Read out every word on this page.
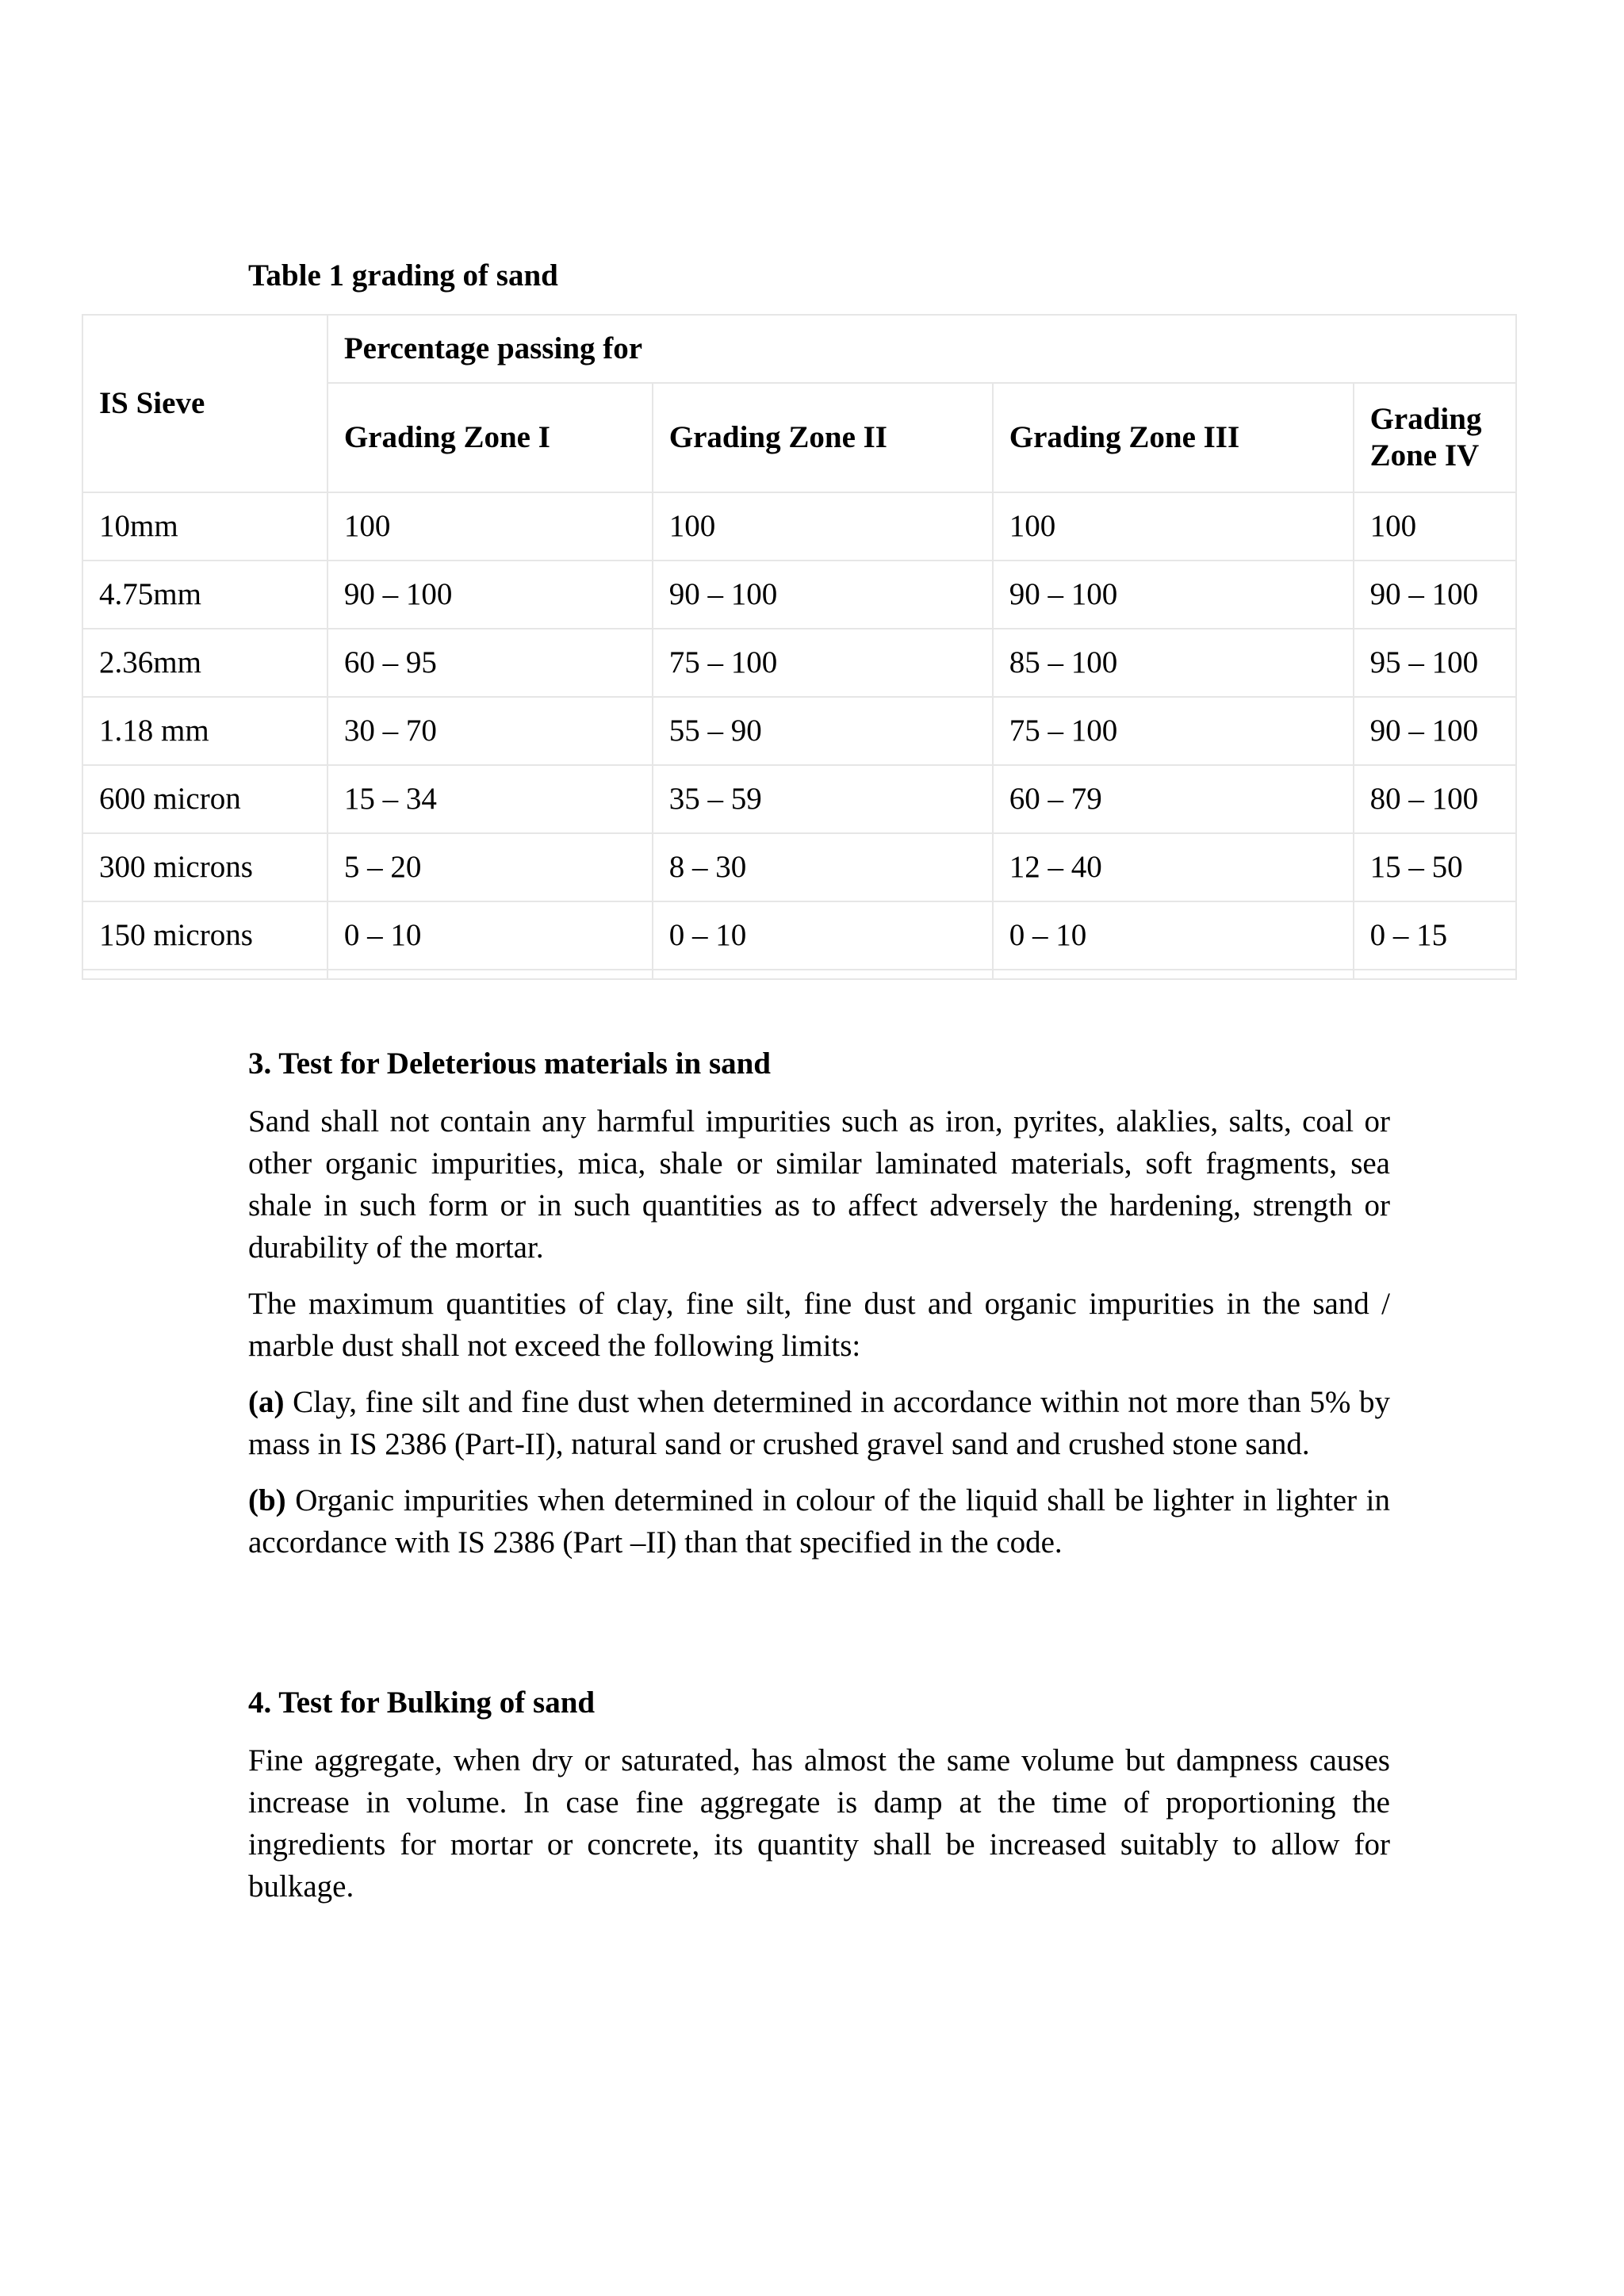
Table 1 grading of sand

IS Sieve	Percentage passing for			
	Grading Zone I	Grading Zone II	Grading Zone III	Grading Zone IV
10mm	100	100	100	100
4.75mm	90 – 100	90 – 100	90 – 100	90 – 100
2.36mm	60 – 95	75 – 100	85 – 100	95 – 100
1.18 mm	30 – 70	55 – 90	75 – 100	90 – 100
600 micron	15 – 34	35 – 59	60 – 79	80 – 100
300 microns	5 – 20	8 – 30	12 – 40	15 – 50
150 microns	0 – 10	0 – 10	0 – 10	0 – 15

3. Test for Deleterious materials in sand

Sand shall not contain any harmful impurities such as iron, pyrites, alaklies, salts, coal or other organic impurities, mica, shale or similar laminated materials, soft fragments, sea shale in such form or in such quantities as to affect adversely the hardening, strength or durability of the mortar.

The maximum quantities of clay, fine silt, fine dust and organic impurities in the sand / marble dust shall not exceed the following limits:

(a) Clay, fine silt and fine dust when determined in accordance within not more than 5% by mass in IS 2386 (Part-II), natural sand or crushed gravel sand and crushed stone sand.

(b) Organic impurities when determined in colour of the liquid shall be lighter in lighter in accordance with IS 2386 (Part –II) than that specified in the code.

4. Test for Bulking of sand

Fine aggregate, when dry or saturated, has almost the same volume but dampness causes increase in volume. In case fine aggregate is damp at the time of proportioning the ingredients for mortar or concrete, its quantity shall be increased suitably to allow for bulkage.
